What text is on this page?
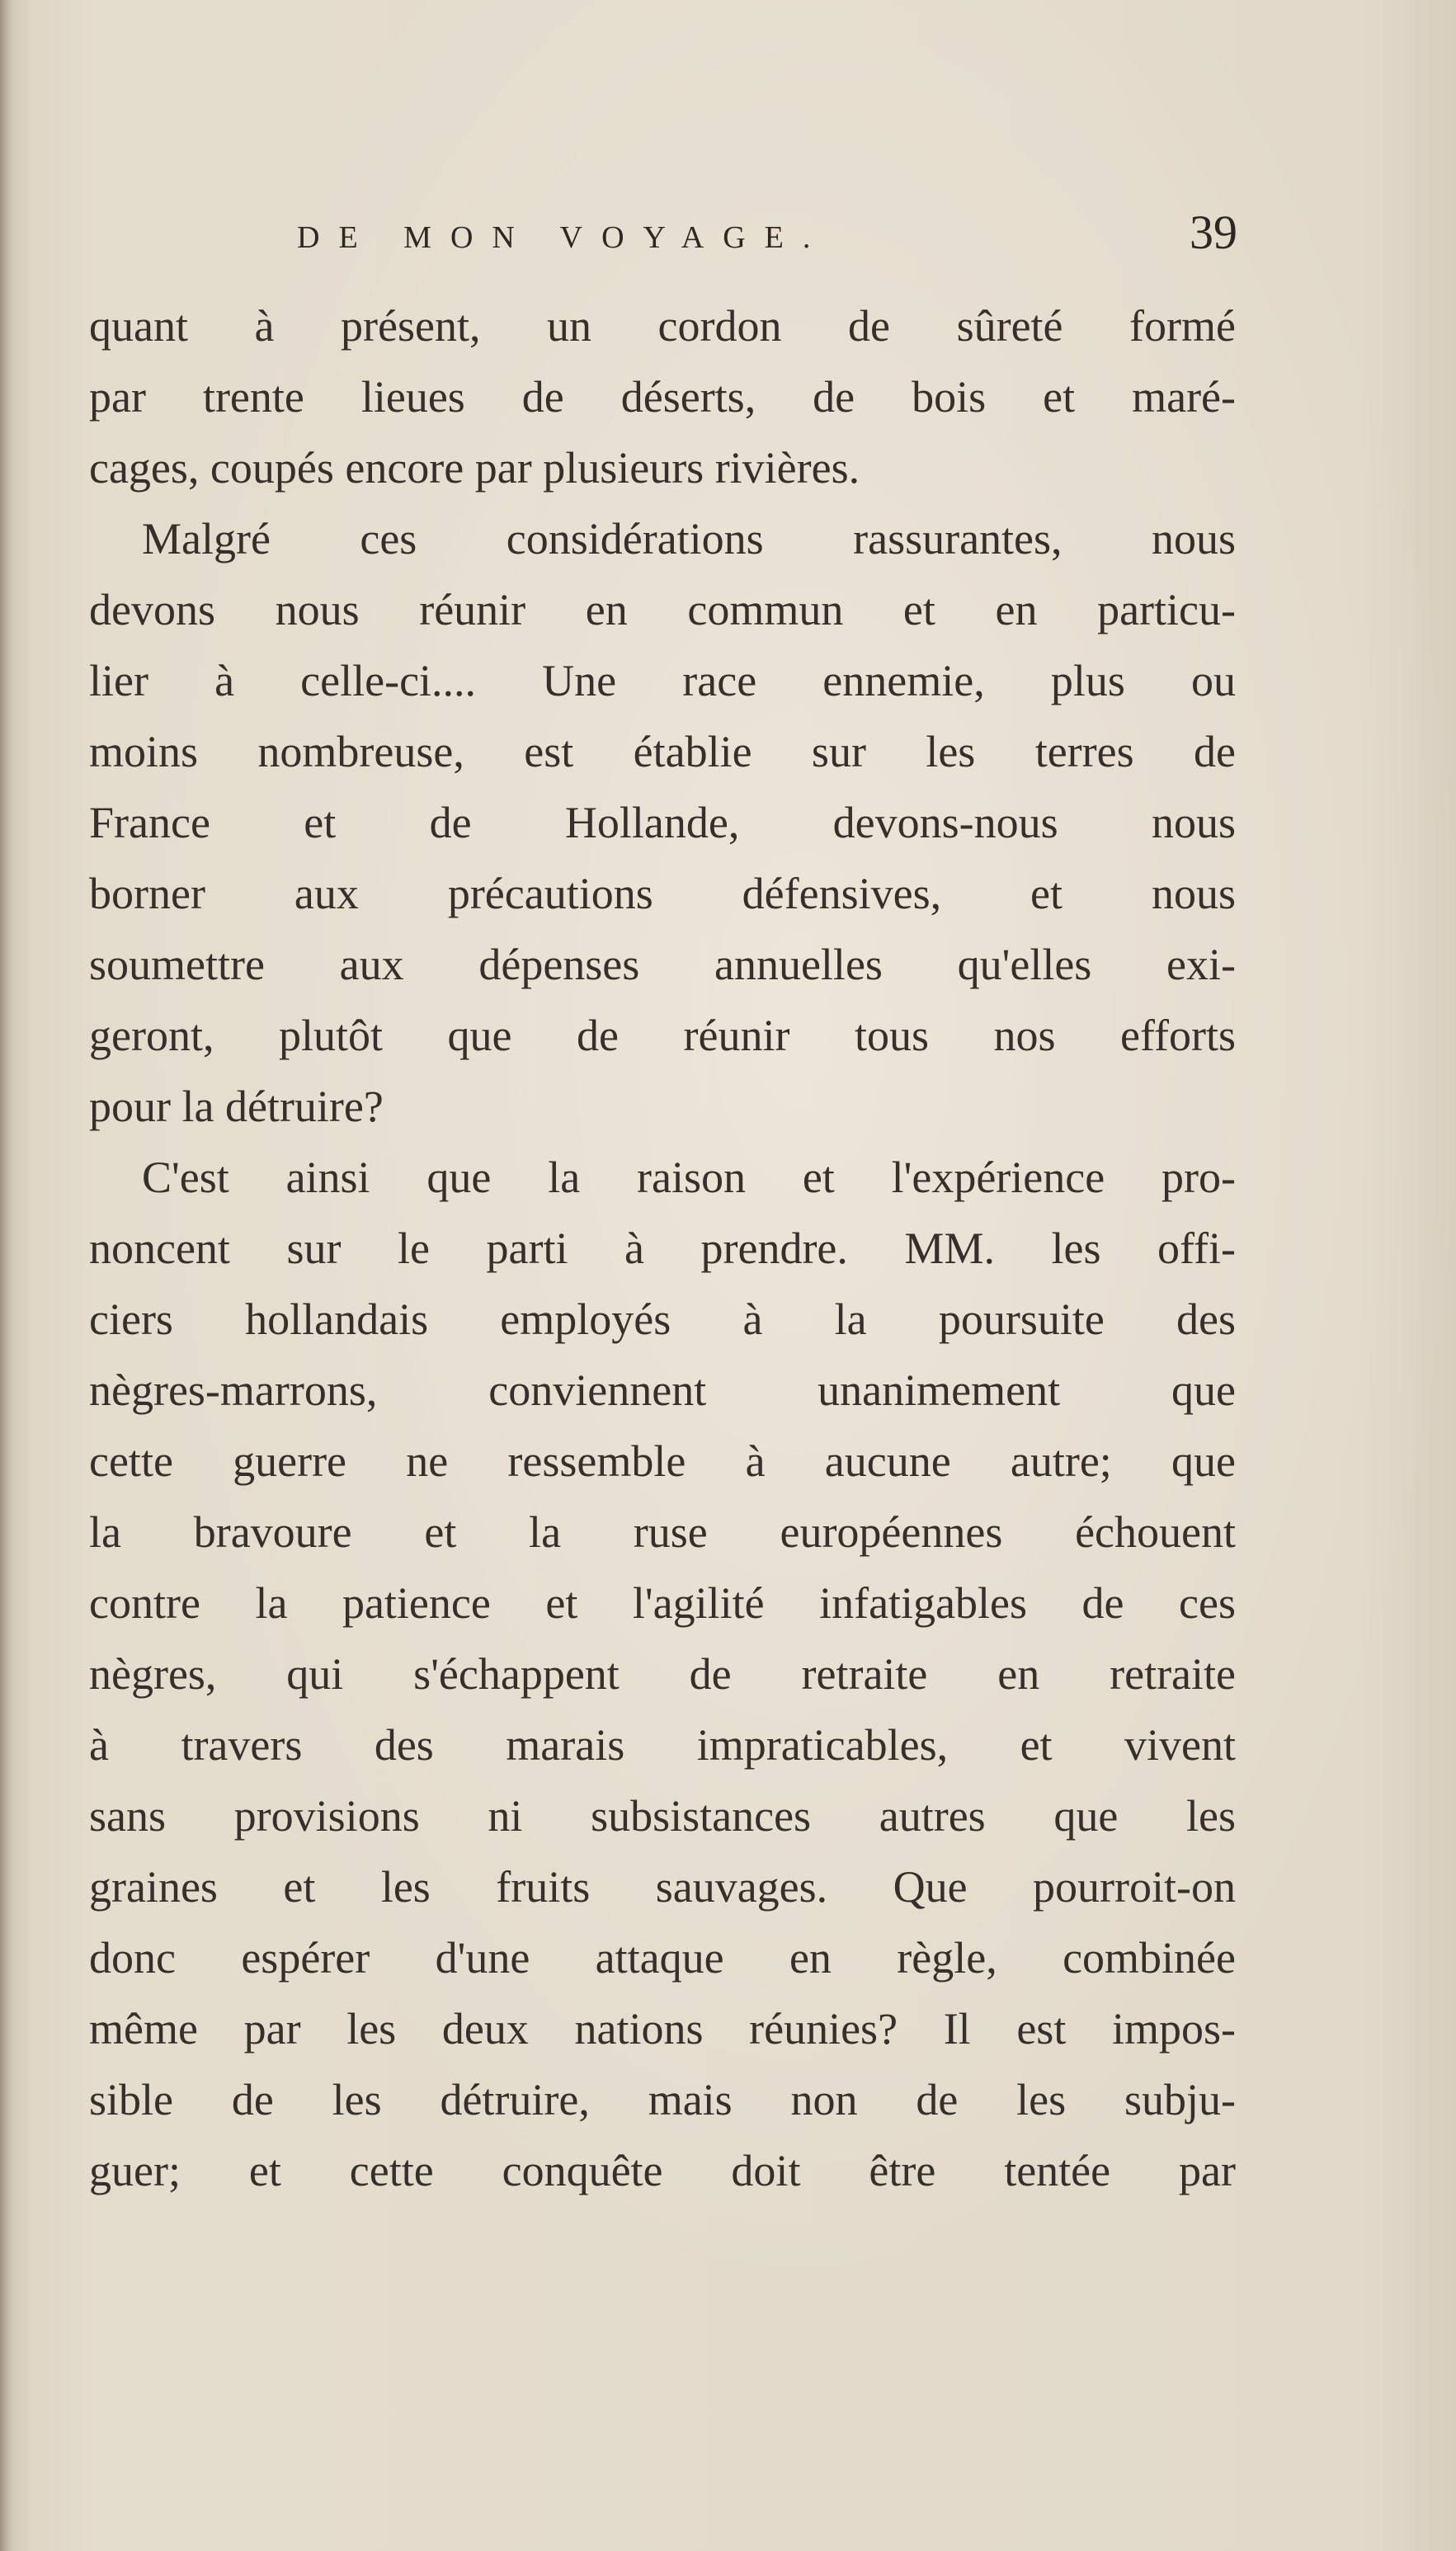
DE MON VOYAGE.	39
quant à présent, un cordon de sûreté formé
par trente lieues de déserts, de bois et maré-
cages, coupés encore par plusieurs rivières.
Malgré ces considérations rassurantes, nous
devons nous réunir en commun et en particu-
lier à celle-ci.... Une race ennemie, plus ou
moins nombreuse, est établie sur les terres de
France et de Hollande, devons-nous nous
borner aux précautions défensives, et nous
soumettre aux dépenses annuelles qu'elles exi-
geront, plutôt que de réunir tous nos efforts
pour la détruire?
C'est ainsi que la raison et l'expérience pro-
noncent sur le parti à prendre. MM. les offi-
ciers hollandais employés à la poursuite des
nègres-marrons, conviennent unanimement que
cette guerre ne ressemble à aucune autre; que
la bravoure et la ruse européennes échouent
contre la patience et l'agilité infatigables de ces
nègres, qui s'échappent de retraite en retraite
à travers des marais impraticables, et vivent
sans provisions ni subsistances autres que les
graines et les fruits sauvages. Que pourroit-on
donc espérer d'une attaque en règle, combinée
même par les deux nations réunies? Il est impos-
sible de les détruire, mais non de les subju-
guer; et cette conquête doit être tentée par
